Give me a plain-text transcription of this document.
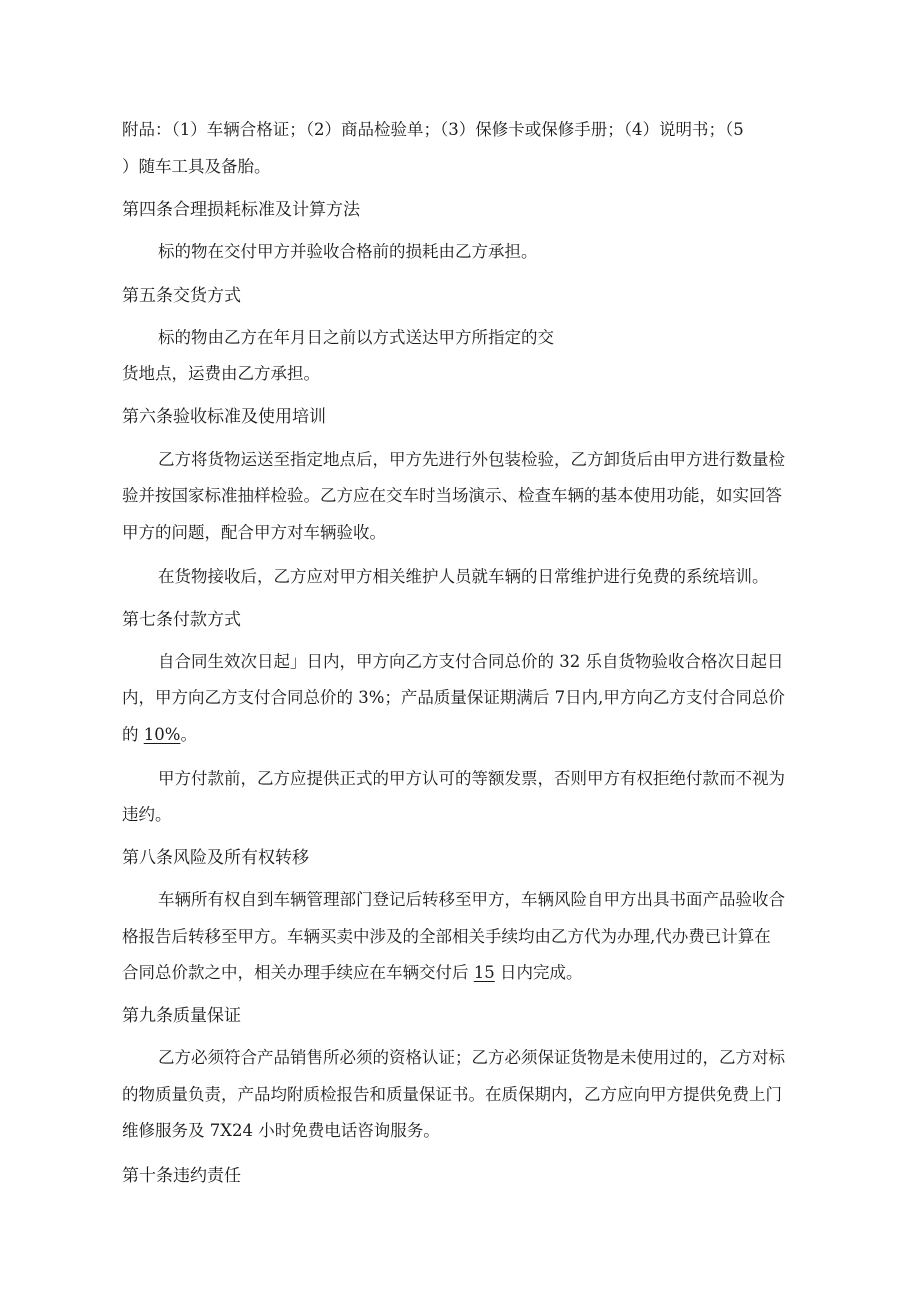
附品：（1）车辆合格证；（2）商品检验单；（3）保修卡或保修手册；（4）说明书；（5
）随车工具及备胎。
第四条合理损耗标准及计算方法
标的物在交付甲方并验收合格前的损耗由乙方承担。
第五条交货方式
标的物由乙方在年月日之前以方式送达甲方所指定的交
货地点，运费由乙方承担。
第六条验收标准及使用培训
乙方将货物运送至指定地点后，甲方先进行外包装检验，乙方卸货后由甲方进行数量检
验并按国家标准抽样检验。乙方应在交车时当场演示、检查车辆的基本使用功能，如实回答
甲方的问题，配合甲方对车辆验收。
在货物接收后，乙方应对甲方相关维护人员就车辆的日常维护进行免费的系统培训。
第七条付款方式
自合同生效次日起」日内，甲方向乙方支付合同总价的 32 乐自货物验收合格次日起日
内，甲方向乙方支付合同总价的 3%；产品质量保证期满后 7日内,甲方向乙方支付合同总价
的 10%。
甲方付款前，乙方应提供正式的甲方认可的等额发票，否则甲方有权拒绝付款而不视为
违约。
第八条风险及所有权转移
车辆所有权自到车辆管理部门登记后转移至甲方，车辆风险自甲方出具书面产品验收合
格报告后转移至甲方。车辆买卖中涉及的全部相关手续均由乙方代为办理,代办费已计算在
合同总价款之中，相关办理手续应在车辆交付后 15 日内完成。
第九条质量保证
乙方必须符合产品销售所必须的资格认证；乙方必须保证货物是未使用过的，乙方对标
的物质量负责，产品均附质检报告和质量保证书。在质保期内，乙方应向甲方提供免费上门
维修服务及 7X24 小时免费电话咨询服务。
第十条违约责任
